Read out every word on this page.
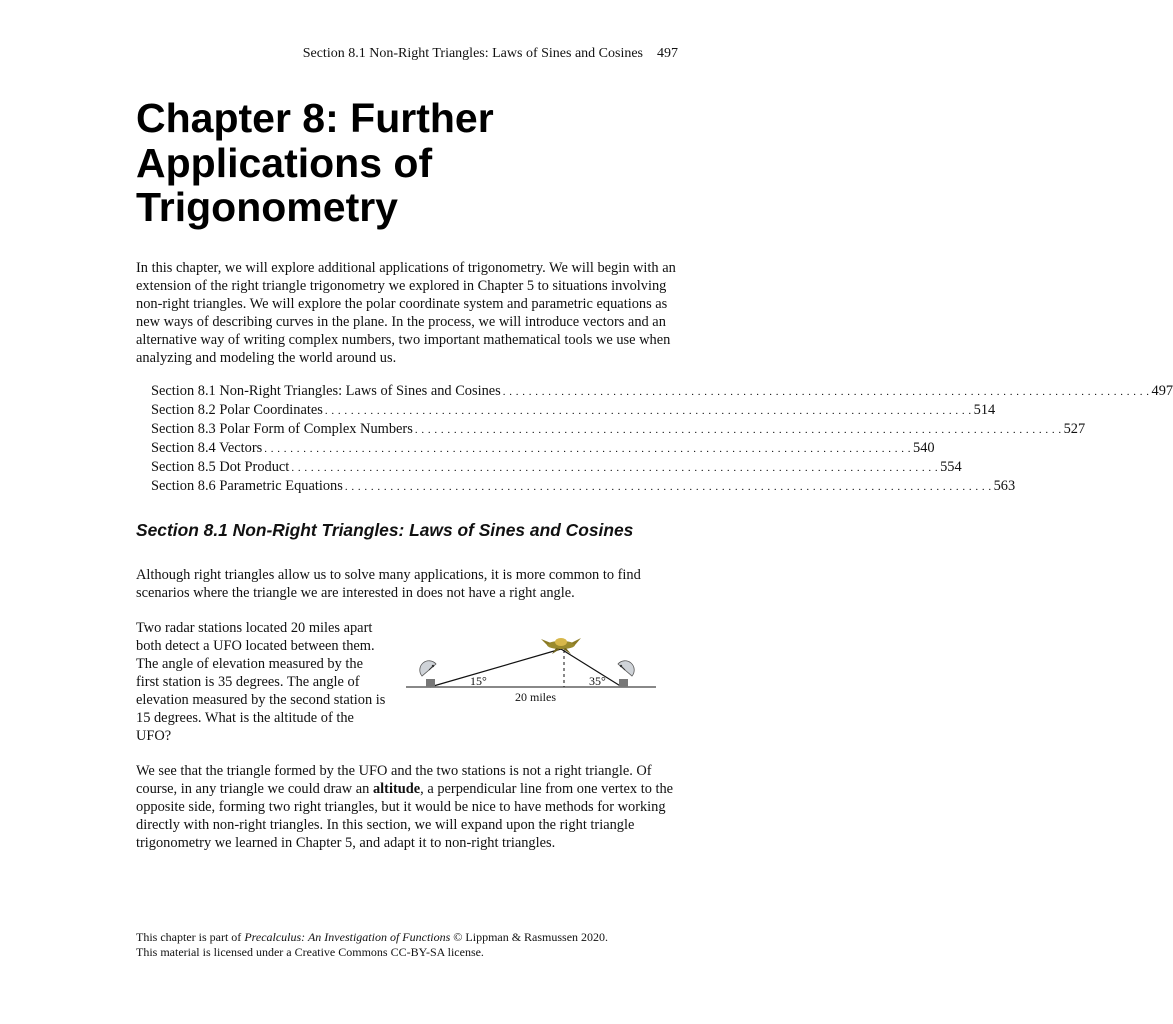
Section 8.1 Non-Right Triangles: Laws of Sines and Cosines 497
Chapter 8: Further Applications of Trigonometry

In this chapter, we will explore additional applications of trigonometry. We will begin with an extension of the right triangle trigonometry we explored in Chapter 5 to situations involving non-right triangles. We will explore the polar coordinate system and parametric equations as new ways of describing curves in the plane. In the process, we will introduce vectors and an alternative way of writing complex numbers, two important mathematical tools we use when analyzing and modeling the world around us.

Section 8.1 Non-Right Triangles: Laws of Sines and Cosines . . . . . . . . . . . . . . . . . . . . . . . . . . . . . . . . . . . . . . . . . . . . . . . . . . . . . . . . . . . . . . . . . . . . . . . . . . . . . . . . . . . . . . . . . . . . . . . . . . . . 497
Section 8.2 Polar Coordinates . . . . . . . . . . . . . . . . . . . . . . . . . . . . . . . . . . . . . . . . . . . . . . . . . . . . . . . . . . . . . . . . . . . . . . . . . . . . . . . . . . . . . . . . . . . . . . . . . . . . 514
Section 8.3 Polar Form of Complex Numbers . . . . . . . . . . . . . . . . . . . . . . . . . . . . . . . . . . . . . . . . . . . . . . . . . . . . . . . . . . . . . . . . . . . . . . . . . . . . . . . . . . . . . . . . . . . . . . . . . . . . 527
Section 8.4 Vectors . . . . . . . . . . . . . . . . . . . . . . . . . . . . . . . . . . . . . . . . . . . . . . . . . . . . . . . . . . . . . . . . . . . . . . . . . . . . . . . . . . . . . . . . . . . . . . . . . . . . 540
Section 8.5 Dot Product . . . . . . . . . . . . . . . . . . . . . . . . . . . . . . . . . . . . . . . . . . . . . . . . . . . . . . . . . . . . . . . . . . . . . . . . . . . . . . . . . . . . . . . . . . . . . . . . . . . . 554
Section 8.6 Parametric Equations . . . . . . . . . . . . . . . . . . . . . . . . . . . . . . . . . . . . . . . . . . . . . . . . . . . . . . . . . . . . . . . . . . . . . . . . . . . . . . . . . . . . . . . . . . . . . . . . . . . . 563
Section 8.1 Non-Right Triangles: Laws of Sines and Cosines

Although right triangles allow us to solve many applications, it is more common to find scenarios where the triangle we are interested in does not have a right angle.

Two radar stations located 20 miles apart both detect a UFO located between them. The angle of elevation measured by the first station is 35 degrees. The angle of elevation measured by the second station is 15 degrees. What is the altitude of the UFO?

15°	35°
20 miles

We see that the triangle formed by the UFO and the two stations is not a right triangle. Of course, in any triangle we could draw an altitude, a perpendicular line from one vertex to the opposite side, forming two right triangles, but it would be nice to have methods for working directly with non-right triangles. In this section, we will expand upon the right triangle trigonometry we learned in Chapter 5, and adapt it to non-right triangles.

This chapter is part of Precalculus: An Investigation of Functions © Lippman & Rasmussen 2020.
This material is licensed under a Creative Commons CC-BY-SA license.
